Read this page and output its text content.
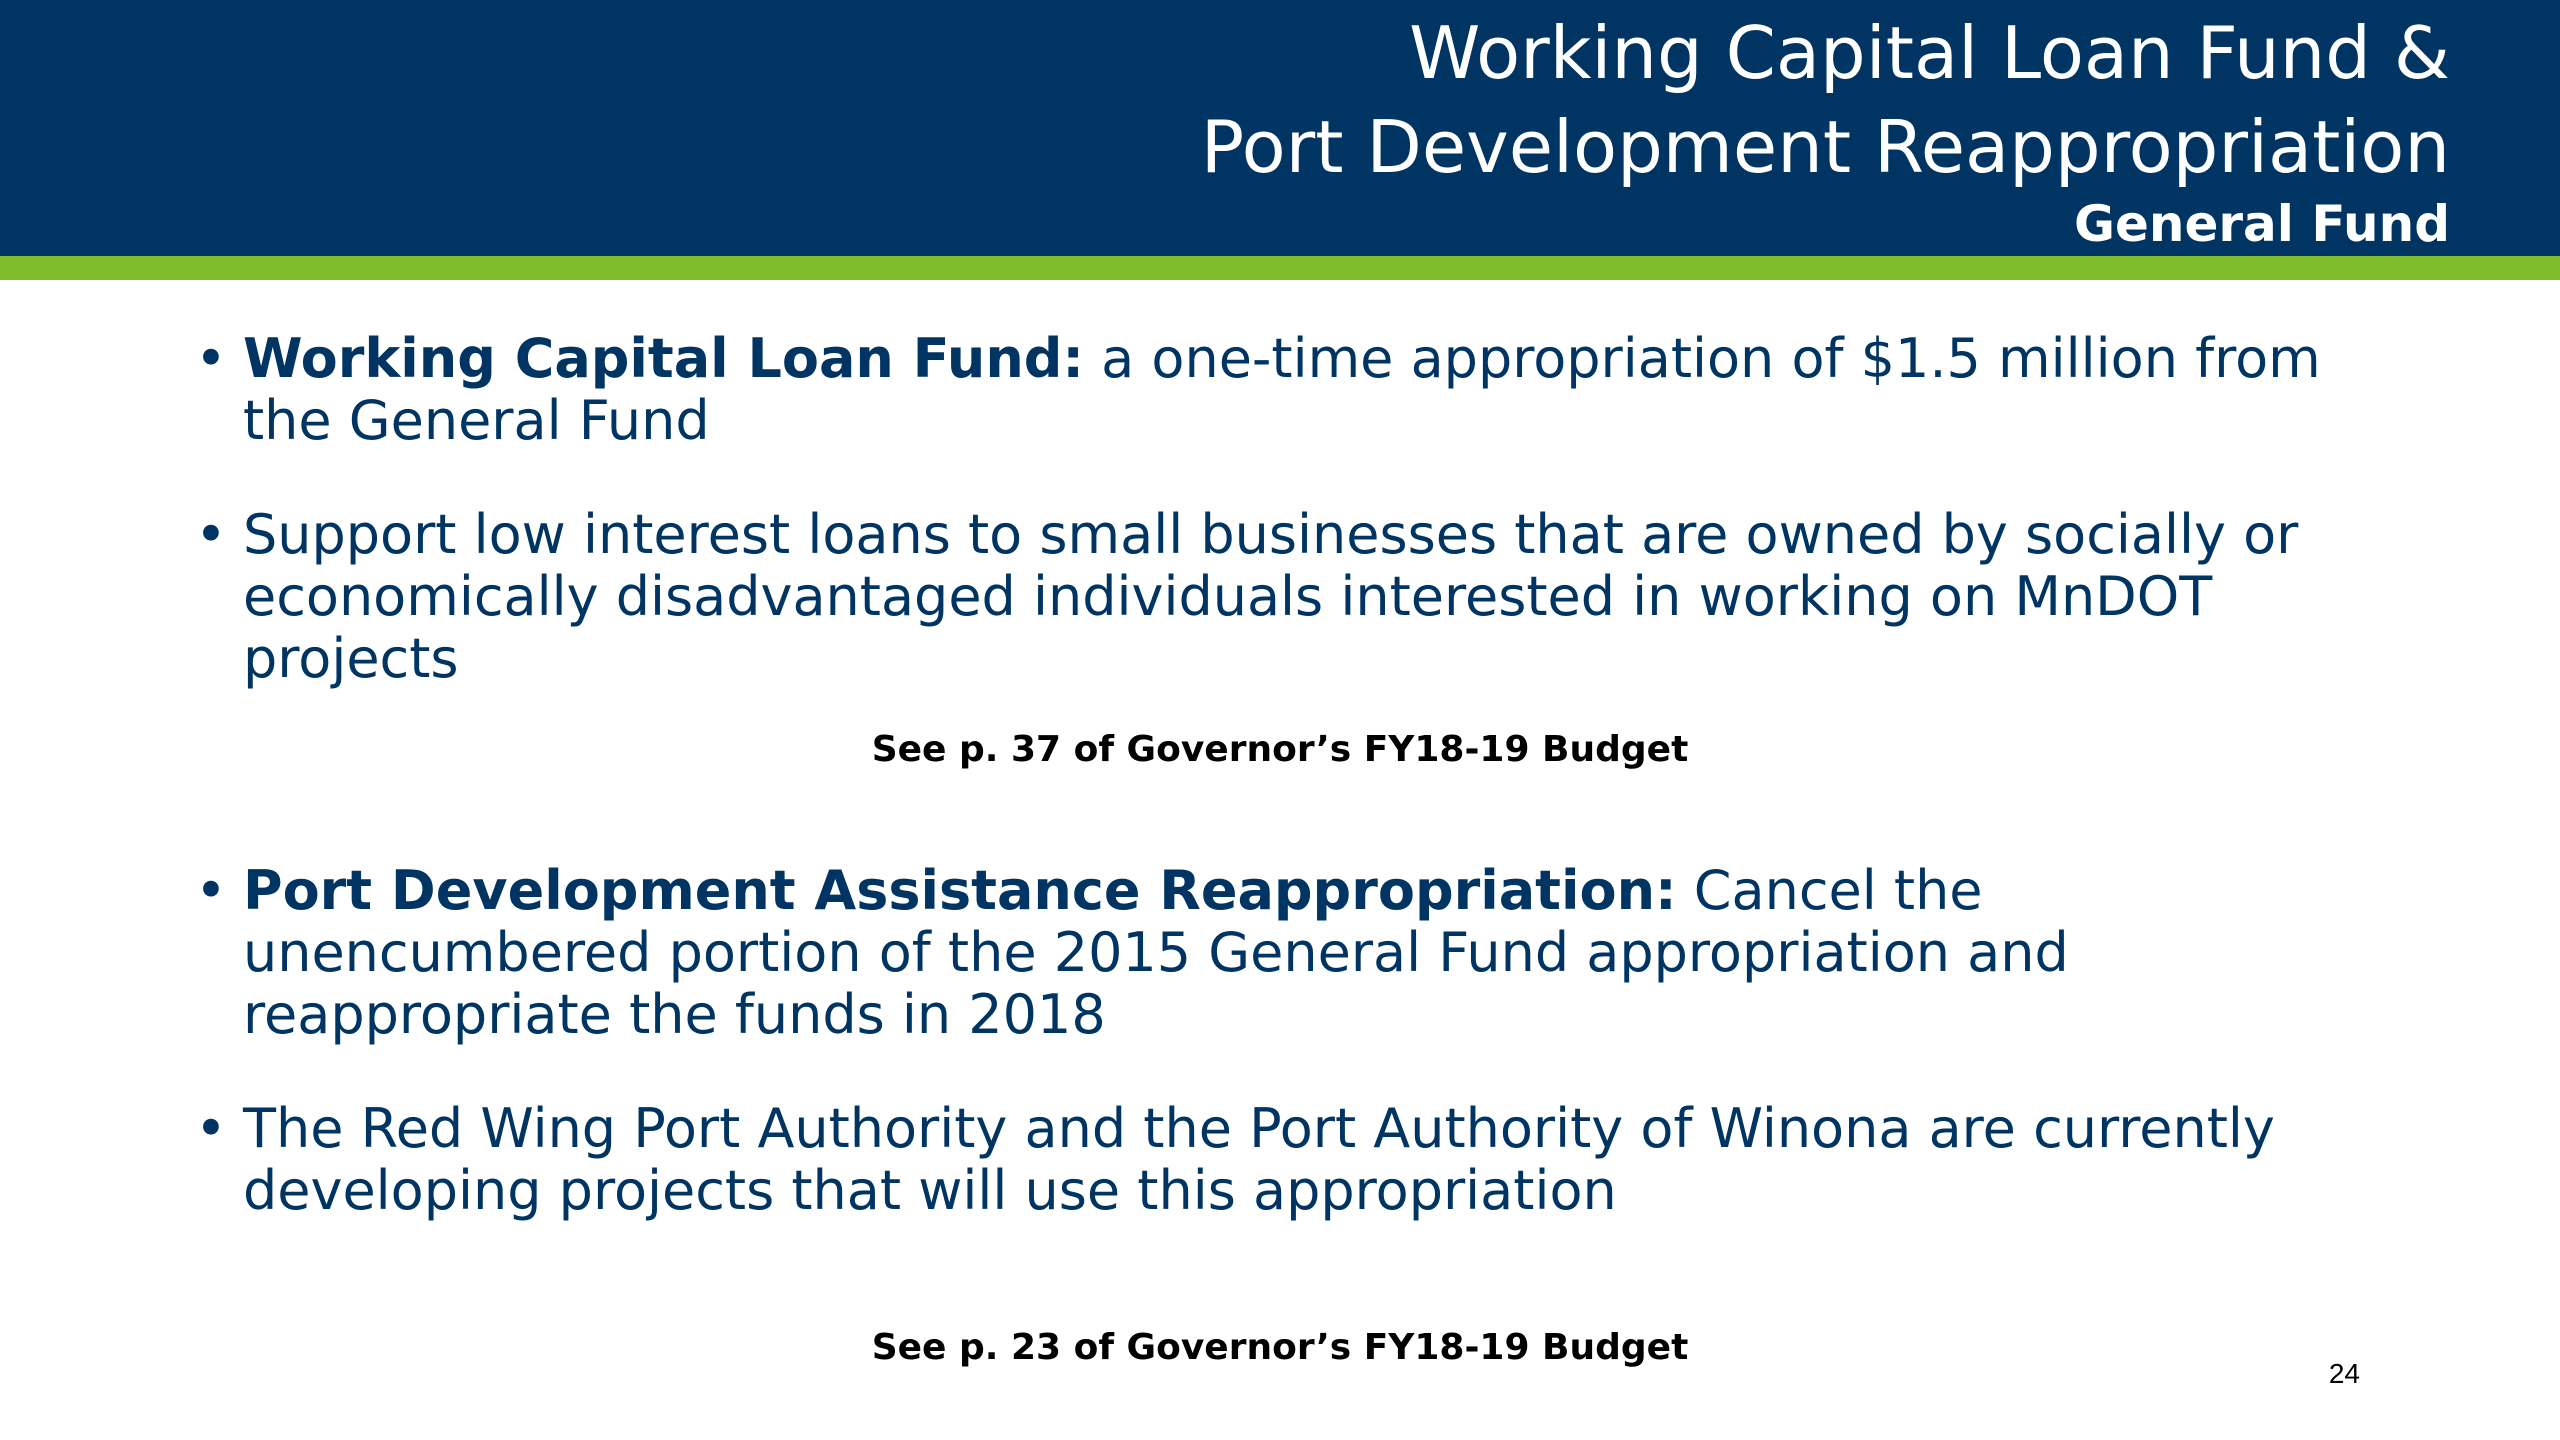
Working Capital Loan Fund &
Port Development Reappropriation
General Fund

• Working Capital Loan Fund: a one-time appropriation of $1.5 million from the General Fund

• Support low interest loans to small businesses that are owned by socially or economically disadvantaged individuals interested in working on MnDOT projects

See p. 37 of Governor’s FY18-19 Budget

• Port Development Assistance Reappropriation: Cancel the unencumbered portion of the 2015 General Fund appropriation and reappropriate the funds in 2018

• The Red Wing Port Authority and the Port Authority of Winona are currently developing projects that will use this appropriation

See p. 23 of Governor’s FY18-19 Budget
24
